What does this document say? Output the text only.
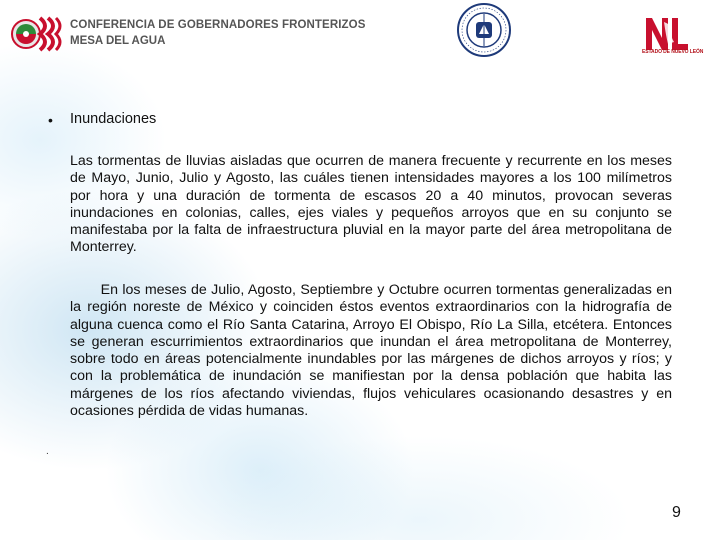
CONFERENCIA DE GOBERNADORES FRONTERIZOS
MESA DEL AGUA
ESTADO DE NUEVO LEÓN
• Inundaciones

Las tormentas de lluvias aisladas que ocurren de manera frecuente y recurrente en los meses de Mayo, Junio, Julio y Agosto, las cuáles tienen intensidades mayores a los 100 milímetros por hora y una duración de tormenta de escasos 20 a 40 minutos, provocan severas inundaciones en colonias, calles, ejes viales y pequeños arroyos que en su conjunto se manifestaba por la falta de infraestructura pluvial en la mayor parte del área metropolitana de Monterrey.

En los meses de Julio, Agosto, Septiembre y Octubre ocurren tormentas generalizadas en la región noreste de México y coinciden éstos eventos extraordinarios con la hidrografía de alguna cuenca como el Río Santa Catarina, Arroyo El Obispo, Río La Silla, etcétera. Entonces se generan escurrimientos extraordinarios que inundan el área metropolitana de Monterrey, sobre todo en áreas potencialmente inundables por las márgenes de dichos arroyos y ríos; y con la problemática de inundación se manifiestan por la densa población que habita las márgenes de los ríos afectando viviendas, flujos vehiculares ocasionando desastres y en ocasiones pérdida de vidas humanas.

.
9
